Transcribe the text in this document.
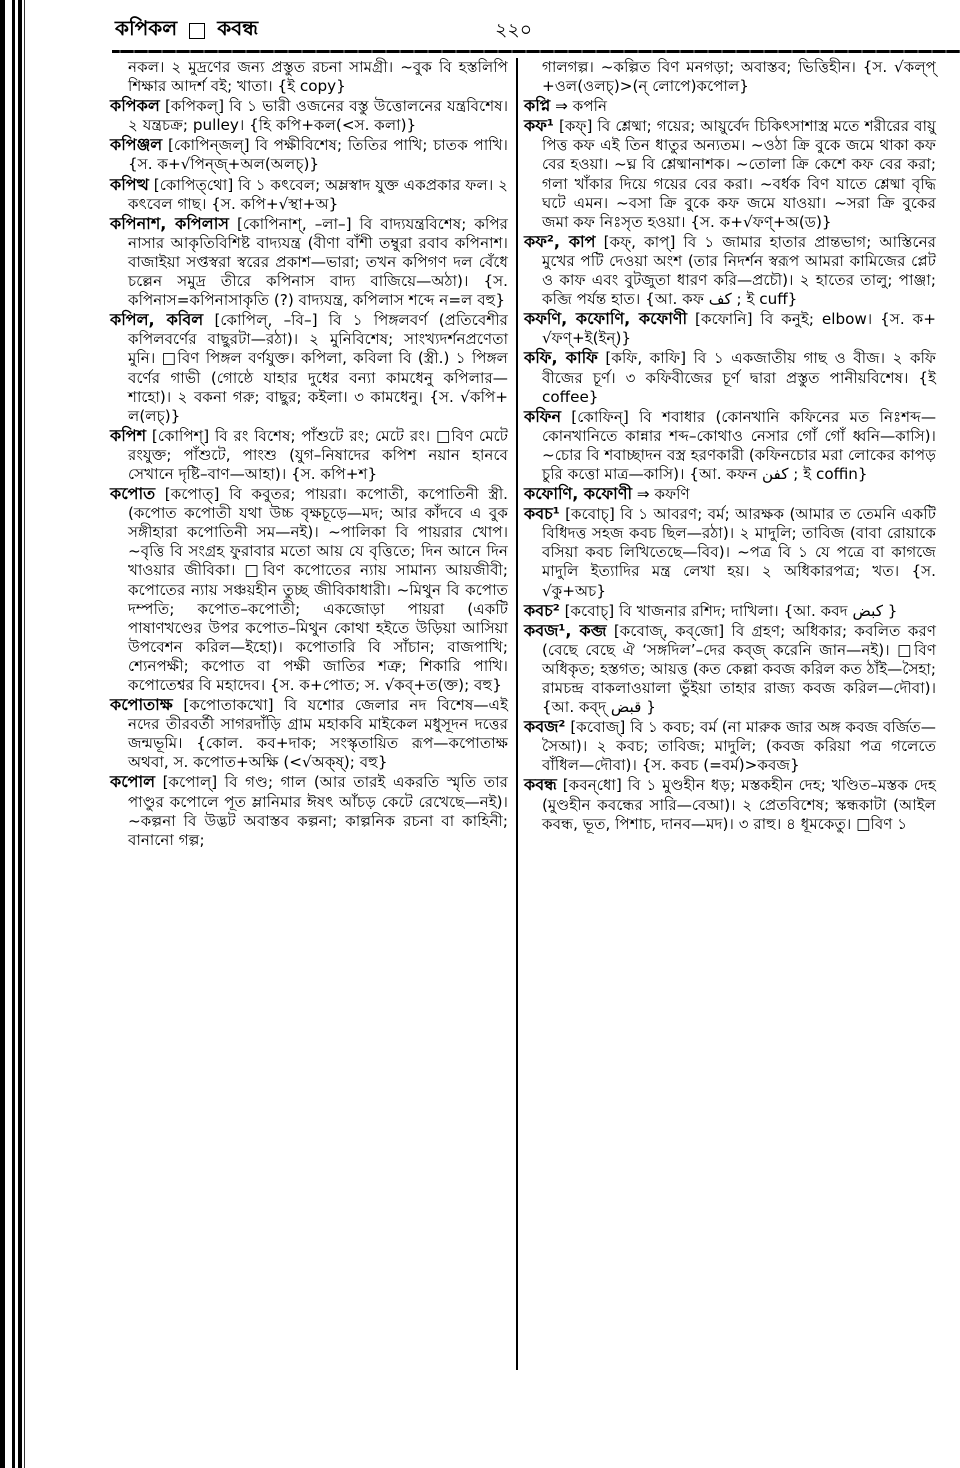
কপিকল কবন্ধ	২২০

নকল। ২ মুদ্রণের জন্য প্রস্তুত রচনা সামগ্রী। ~বুক বি হস্তলিপি শিক্ষার আদর্শ বই; খাতা। {ই copy}

কপিকল [কপিকল্] বি ১ ভারী ওজনের বস্তু উত্তোলনের যন্ত্রবিশেষ। ২ যন্ত্রচক্র; pulley। {হি কপি+কল(<স. কলা)}

কপিঞ্জল [কোপিন্‌জল্] বি পক্ষীবিশেষ; তিতির পাখি; চাতক পাখি। {স. ক+√পিন্‌জ্+অল(অলচ্)}

কপিত্থ [কোপিত্‌থো] বি ১ কৎবেল; অম্লস্বাদ যুক্ত একপ্রকার ফল। ২ কৎবেল গাছ। {স. কপি+√স্থা+অ}

কপিনাশ, কপিলাস [কোপিনাশ্, –লা–] বি বাদ্যযন্ত্রবিশেষ; কপির নাসার আকৃতিবিশিষ্ট বাদ্যযন্ত্র (বীণা বাঁশী তম্বুরা রবাব কপিনাশ। বাজাইয়া সপ্তস্বরা স্বরের প্রকাশ—ভারা; তখন কপিগণ দল বেঁধে চল্লেন সমুদ্র তীরে কপিনাস বাদ্য বাজিয়ে—অঠা)। {স. কপিনাস=কপিনাসাকৃতি (?) বাদ্যযন্ত্র, কপিলাস শব্দে ন=ল বহু}

কপিল, কবিল [কোপিল্, –বি–] বি ১ পিঙ্গলবর্ণ (প্রতিবেশীর কপিলবর্ণের বাছুরটা—রঠা)। ২ মুনিবিশেষ; সাংখ্যদর্শনপ্রণেতা মুনি। □বিণ পিঙ্গল বর্ণযুক্ত। কপিলা, কবিলা বি (স্ত্রী.) ১ পিঙ্গল বর্ণের গাভী (গোষ্ঠে যাহার দুধের বন্যা কামধেনু কপিলার—শাহো)। ২ বকনা গরু; বাছুর; কইলা। ৩ কামধেনু। {স. √কপি+ ল(লচ্)}

কপিশ [কোপিশ্] বি রং বিশেষ; পাঁশুটে রং; মেটে রং। □বিণ মেটে রংযুক্ত; পাঁশুটে, পাংশু (যুগ–নিষাদের কপিশ নয়ান হানবে সেখানে দৃষ্টি–বাণ—আহা)। {স. কপি+শ}

কপোত [কপোত্] বি কবুতর; পায়রা। কপোতী, কপোতিনী স্ত্রী. (কপোত কপোতী যথা উচ্চ বৃক্ষচূড়ে—মদ; আর কাঁদবে এ বুক সঙ্গীহারা কপোতিনী সম—নই)। ~পালিকা বি পায়রার খোপ। ~বৃত্তি বি সংগ্রহ ফুরাবার মতো আয় যে বৃত্তিতে; দিন আনে দিন খাওয়ার জীবিকা। □বিণ কপোতের ন্যায় সামান্য আয়জীবী; কপোতের ন্যায় সঞ্চয়হীন তুচ্ছ জীবিকাধারী। ~মিথুন বি কপোত দম্পতি; কপোত–কপোতী; একজোড়া পায়রা (একটি পাষাণখণ্ডের উপর কপোত–মিথুন কোথা হইতে উড়িয়া আসিয়া উপবেশন করিল—ইহো)। কপোতারি বি সাঁচান; বাজপাখি; শ্যেনপক্ষী; কপোত বা পক্ষী জাতির শত্রু; শিকারি পাখি। কপোতেশ্বর বি মহাদেব। {স. ক+পোত; স. √কব্+ত(ক্ত); বহু}

কপোতাক্ষ [কপোতাকখো] বি যশোর জেলার নদ বিশেষ—এই নদের তীরবর্তী সাগরদাঁড়ি গ্রাম মহাকবি মাইকেল মধুসূদন দত্তের জন্মভূমি। {কোল. কব+দাক; সংস্কৃতায়িত রূপ—কপোতাক্ষ অথবা, স. কপোত+অক্ষি (<√অক্ষ্); বহু}

কপোল [কপোল্] বি গণ্ড; গাল (আর তারই একরতি স্মৃতি তার পাণ্ডুর কপোলে পূত ম্লানিমার ঈষৎ আঁচড় কেটে রেখেছে—নই)। ~কল্পনা বি উদ্ভট অবাস্তব কল্পনা; কাল্পনিক রচনা বা কাহিনী; বানানো গল্প;

গালগল্প। ~কল্পিত বিণ মনগড়া; অবাস্তব; ভিত্তিহীন। {স. √কল্প্ +ওল(ওলচ্)>(ন্ লোপে)কপোল}

কপ্নি ⇒ কপনি

কফ¹ [কফ্] বি শ্লেষ্মা; গয়ের; আয়ুর্বেদ চিকিৎসাশাস্ত্র মতে শরীরের বায়ু পিত্ত কফ এই তিন ধাতুর অন্যতম। ~ওঠা ক্রি বুকে জমে থাকা কফ বের হওয়া। ~ঘ্ন বি শ্লেষ্মানাশক। ~তোলা ক্রি কেশে কফ বের করা; গলা খাঁকার দিয়ে গয়ের বের করা। ~বর্ধক বিণ যাতে শ্লেষ্মা বৃদ্ধি ঘটে এমন। ~বসা ক্রি বুকে কফ জমে যাওয়া। ~সরা ক্রি বুকের জমা কফ নিঃসৃত হওয়া। {স. ক+√ফণ্+অ(ড)}

কফ², কাপ [কফ্, কাপ্] বি ১ জামার হাতার প্রান্তভাগ; আস্তিনের মুখের পটি দেওয়া অংশ (তার নিদর্শন স্বরূপ আমরা কামিজের প্লেট ও কাফ এবং বুটজুতা ধারণ করি—প্রচৌ)। ২ হাতের তালু; পাঞ্জা; কব্জি পর্যন্ত হাত। {আ. কফ كف ; ই cuff}

কফণি, কফোণি, কফোণী [কফোনি] বি কনুই; elbow। {স. ক+ √ফণ্+ই(ইন্)}

কফি, কাফি [কফি, কাফি] বি ১ একজাতীয় গাছ ও বীজ। ২ কফি বীজের চূর্ণ। ৩ কফিবীজের চূর্ণ দ্বারা প্রস্তুত পানীয়বিশেষ। {ই coffee}

কফিন [কোফিন্] বি শবাধার (কোনখানি কফিনের মত নিঃশব্দ—কোনখানিতে কান্নার শব্দ–কোথাও নেসার গোঁ গোঁ ধ্বনি—কাসি)। ~চোর বি শবাচ্ছাদন বস্ত্র হরণকারী (কফিনচোর মরা লোকের কাপড় চুরি কত্তো মাত্র—কাসি)। {আ. কফন كفن ; ই coffin}

কফোণি, কফোণী ⇒ কফণি

কবচ¹ [কবোচ্] বি ১ আবরণ; বর্ম; আরক্ষক (আমার ত তেমনি একটি বিধিদত্ত সহজ কবচ ছিল—রঠা)। ২ মাদুলি; তাবিজ (বাবা রোয়াকে বসিয়া কবচ লিখিতেছে—বিব)। ~পত্র বি ১ যে পত্রে বা কাগজে মাদুলি ইত্যাদির মন্ত্র লেখা হয়। ২ অধিকারপত্র; খত। {স. √কু+অচ}

কবচ² [কবোচ্] বি খাজনার রশিদ; দাখিলা। {আ. কবদ كبض }

কবজ¹, কব্জ [কবোজ্, কব্‌জো] বি গ্রহণ; অধিকার; কবলিত করণ (বেছে বেছে ঐ ‘সঙ্গদিল’–দের কব্‌জ্ করেনি জান—নই)। □বিণ অধিকৃত; হস্তগত; আয়ত্ত (কত কেল্লা কবজ করিল কত ঠাঁই—সৈহা; রামচন্দ্র বাকলাওয়ালা ভুঁইয়া তাহার রাজ্য কবজ করিল—দৌবা)। {আ. কব্‌দ্ قبض }

কবজ² [কবোজ্] বি ১ কবচ; বর্ম (না মারুক জার অঙ্গ কবজ বর্জিত—সৈআ)। ২ কবচ; তাবিজ; মাদুলি; (কবজ করিয়া পত্র গলেতে বাঁধিল—দৌবা)। {স. কবচ (=বর্ম)>কবজ}

কবন্ধ [কবন্‌ধো] বি ১ মুণ্ডহীন ধড়; মস্তকহীন দেহ; খণ্ডিত–মস্তক দেহ (মুণ্ডহীন কবন্ধের সারি—বেআ)। ২ প্রেতবিশেষ; স্কন্ধকাটা (আইল কবন্ধ, ভূত, পিশাচ, দানব—মদ)। ৩ রাহু। ৪ ধূমকেতু। □বিণ ১
